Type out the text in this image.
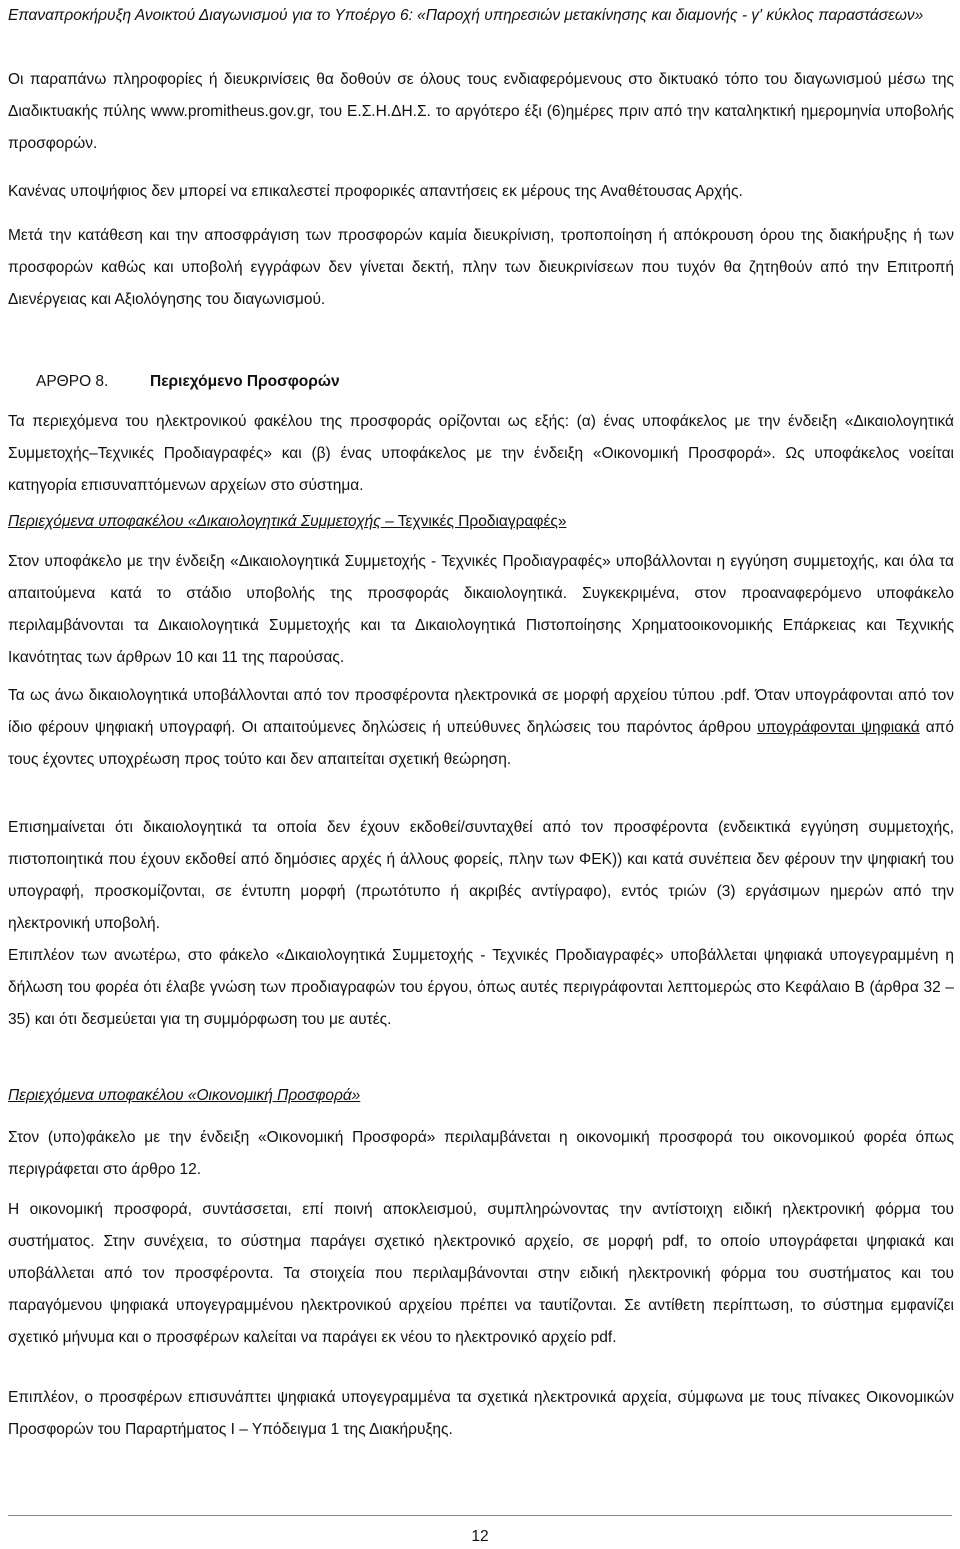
Επαναπροκήρυξη Ανοικτού Διαγωνισμού για το Υποέργο 6: «Παροχή υπηρεσιών μετακίνησης και διαμονής - γ' κύκλος παραστάσεων»

Οι παραπάνω πληροφορίες ή διευκρινίσεις θα δοθούν σε όλους τους ενδιαφερόμενους στο δικτυακό τόπο του διαγωνισμού μέσω της Διαδικτυακής πύλης www.promitheus.gov.gr, του Ε.Σ.Η.ΔΗ.Σ. το αργότερο έξι (6)ημέρες πριν από την καταληκτική ημερομηνία υποβολής προσφορών.

Κανένας υποψήφιος δεν μπορεί να επικαλεστεί προφορικές απαντήσεις εκ μέρους της Αναθέτουσας Αρχής.

Μετά την κατάθεση και την αποσφράγιση των προσφορών καμία διευκρίνιση, τροποποίηση ή απόκρουση όρου της διακήρυξης ή των προσφορών καθώς και υποβολή εγγράφων δεν γίνεται δεκτή, πλην των διευκρινίσεων που τυχόν θα ζητηθούν από την Επιτροπή Διενέργειας και Αξιολόγησης του διαγωνισμού.

ΑΡΘΡΟ 8.	Περιεχόμενο Προσφορών

Τα περιεχόμενα του ηλεκτρονικού φακέλου της προσφοράς ορίζονται ως εξής: (α) ένας υποφάκελος με την ένδειξη «Δικαιολογητικά Συμμετοχής–Τεχνικές Προδιαγραφές» και (β) ένας υποφάκελος με την ένδειξη «Οικονομική Προσφορά». Ως υποφάκελος νοείται κατηγορία επισυναπτόμενων αρχείων στο σύστημα.

Περιεχόμενα υποφακέλου «Δικαιολογητικά Συμμετοχής – Τεχνικές Προδιαγραφές»

Στον υποφάκελο με την ένδειξη «Δικαιολογητικά Συμμετοχής - Τεχνικές Προδιαγραφές» υποβάλλονται η εγγύηση συμμετοχής, και όλα τα απαιτούμενα κατά το στάδιο υποβολής της προσφοράς δικαιολογητικά. Συγκεκριμένα, στον προαναφερόμενο υποφάκελο περιλαμβάνονται τα Δικαιολογητικά Συμμετοχής και τα Δικαιολογητικά Πιστοποίησης Χρηματοοικονομικής Επάρκειας και Τεχνικής Ικανότητας των άρθρων 10 και 11 της παρούσας.

Τα ως άνω δικαιολογητικά υποβάλλονται από τον προσφέροντα ηλεκτρονικά σε μορφή αρχείου τύπου .pdf. Όταν υπογράφονται από τον ίδιο φέρουν ψηφιακή υπογραφή. Οι απαιτούμενες δηλώσεις ή υπεύθυνες δηλώσεις του παρόντος άρθρου υπογράφονται ψηφιακά από τους έχοντες υποχρέωση προς τούτο και δεν απαιτείται σχετική θεώρηση.

Επισημαίνεται ότι δικαιολογητικά τα οποία δεν έχουν εκδοθεί/συνταχθεί από τον προσφέροντα (ενδεικτικά εγγύηση συμμετοχής, πιστοποιητικά που έχουν εκδοθεί από δημόσιες αρχές ή άλλους φορείς, πλην των ΦΕΚ)) και κατά συνέπεια δεν φέρουν την ψηφιακή του υπογραφή, προσκομίζονται, σε έντυπη μορφή (πρωτότυπο ή ακριβές αντίγραφο), εντός τριών (3) εργάσιμων ημερών από την ηλεκτρονική υποβολή.

Επιπλέον των ανωτέρω, στο φάκελο «Δικαιολογητικά Συμμετοχής - Τεχνικές Προδιαγραφές» υποβάλλεται ψηφιακά υπογεγραμμένη η δήλωση του φορέα ότι έλαβε γνώση των προδιαγραφών του έργου, όπως αυτές περιγράφονται λεπτομερώς στο Κεφάλαιο Β (άρθρα 32 – 35) και ότι δεσμεύεται για τη συμμόρφωση του με αυτές.

Περιεχόμενα υποφακέλου «Οικονομική Προσφορά»

Στον (υπο)φάκελο με την ένδειξη «Οικονομική Προσφορά» περιλαμβάνεται η οικονομική προσφορά του οικονομικού φορέα όπως περιγράφεται στο άρθρο 12.

Η οικονομική προσφορά, συντάσσεται, επί ποινή αποκλεισμού, συμπληρώνοντας την αντίστοιχη ειδική ηλεκτρονική φόρμα του συστήματος. Στην συνέχεια, το σύστημα παράγει σχετικό ηλεκτρονικό αρχείο, σε μορφή pdf, το οποίο υπογράφεται ψηφιακά και υποβάλλεται από τον προσφέροντα. Τα στοιχεία που περιλαμβάνονται στην ειδική ηλεκτρονική φόρμα του συστήματος και του παραγόμενου ψηφιακά υπογεγραμμένου ηλεκτρονικού αρχείου πρέπει να ταυτίζονται. Σε αντίθετη περίπτωση, το σύστημα εμφανίζει σχετικό μήνυμα και ο προσφέρων καλείται να παράγει εκ νέου το ηλεκτρονικό αρχείο pdf.

Επιπλέον, ο προσφέρων επισυνάπτει ψηφιακά υπογεγραμμένα τα σχετικά ηλεκτρονικά αρχεία, σύμφωνα με τους πίνακες Οικονομικών Προσφορών του Παραρτήματος Ι – Υπόδειγμα 1 της Διακήρυξης.

12
